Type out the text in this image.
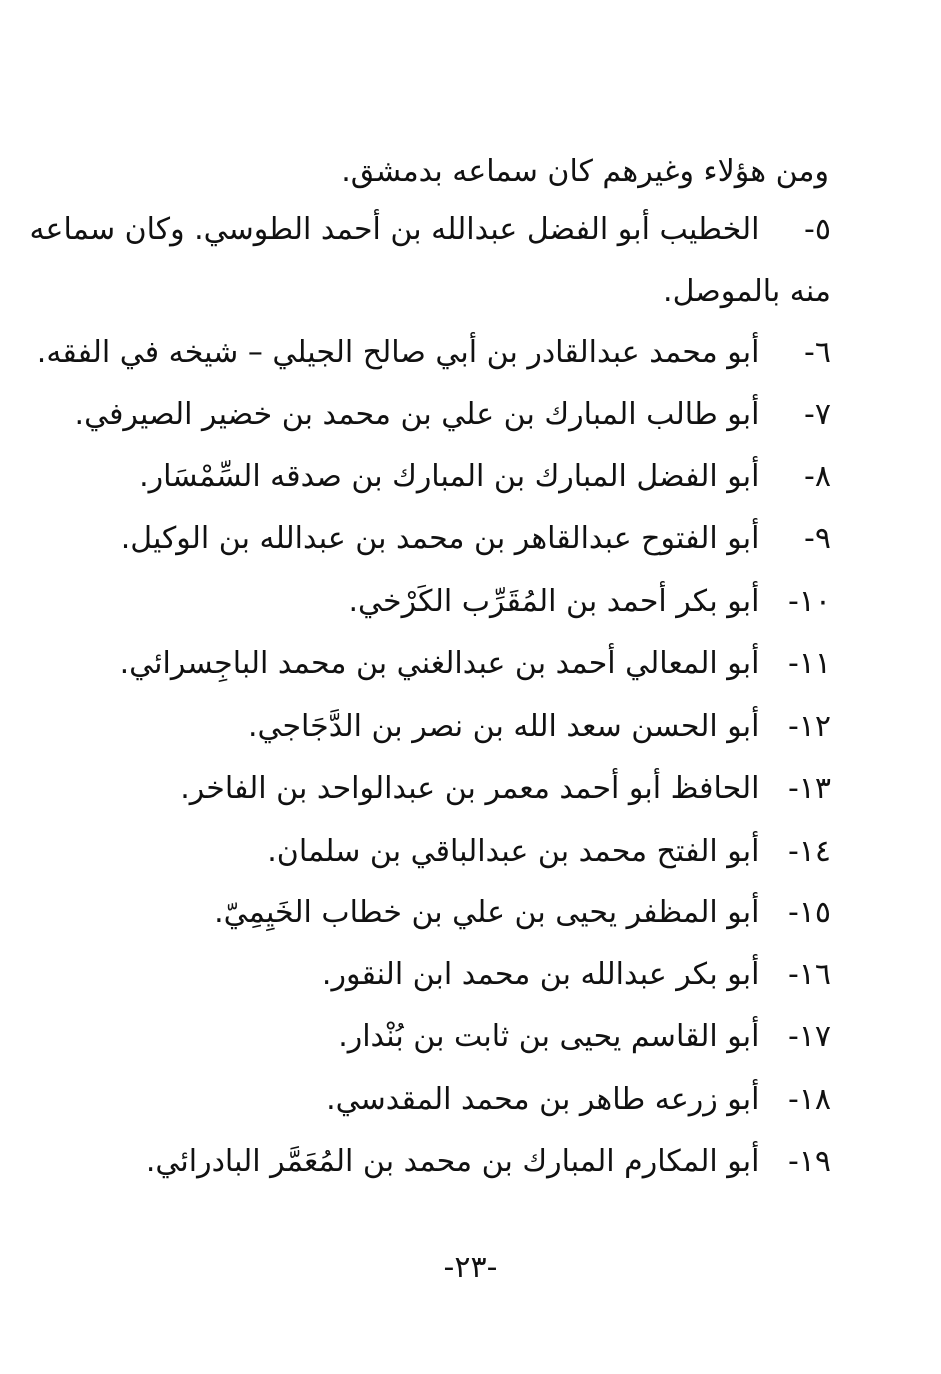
ومن هؤلاء وغيرهم كان سماعه بدمشق.
٥- الخطيب أبو الفضل عبدالله بن أحمد الطوسي. وكان سماعه
منه بالموصل.
٦- أبو محمد عبدالقادر بن أبي صالح الجيلي – شيخه في الفقه.
٧- أبو طالب المبارك بن علي بن محمد بن خضير الصيرفي.
٨- أبو الفضل المبارك بن المبارك بن صدقه السِّمْسَار.
٩- أبو الفتوح عبدالقاهر بن محمد بن عبدالله بن الوكيل.
١٠- أبو بكر أحمد بن المُقَرِّب الكَرْخي.
١١- أبو المعالي أحمد بن عبدالغني بن محمد الباجِسرائي.
١٢- أبو الحسن سعد الله بن نصر بن الدَّجَاجي.
١٣- الحافظ أبو أحمد معمر بن عبدالواحد بن الفاخر.
١٤- أبو الفتح محمد بن عبدالباقي بن سلمان.
١٥- أبو المظفر يحيى بن علي بن خطاب الخَيِمِيّ.
١٦- أبو بكر عبدالله بن محمد ابن النقور.
١٧- أبو القاسم يحيى بن ثابت بن بُنْدار.
١٨- أبو زرعه طاهر بن محمد المقدسي.
١٩- أبو المكارم المبارك بن محمد بن المُعَمَّر البادرائي.
-٢٣-
